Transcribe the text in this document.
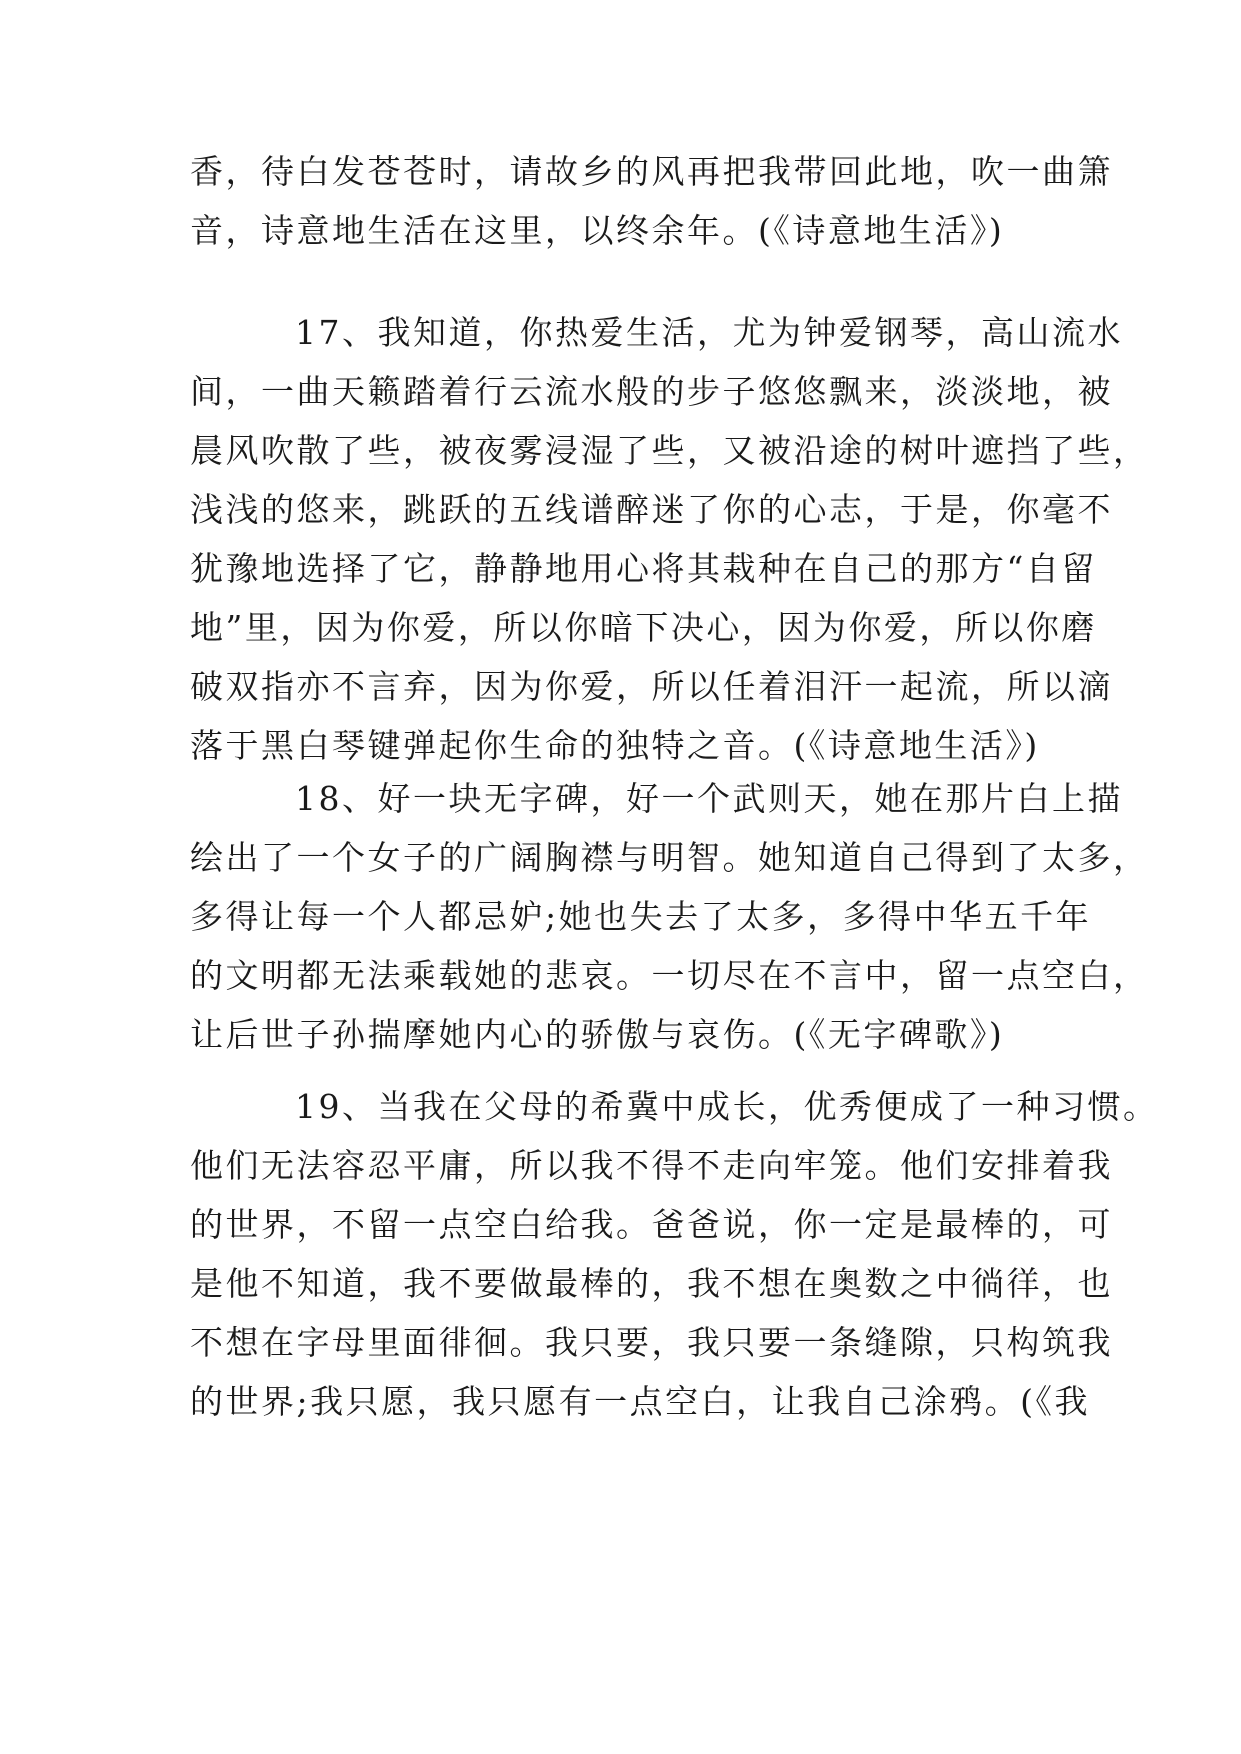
香，待白发苍苍时，请故乡的风再把我带回此地，吹一曲箫
音，诗意地生活在这里，以终余年。(《诗意地生活》)
17、我知道，你热爱生活，尤为钟爱钢琴，高山流水
间，一曲天籁踏着行云流水般的步子悠悠飘来，淡淡地，被
晨风吹散了些，被夜雾浸湿了些，又被沿途的树叶遮挡了些，
浅浅的悠来，跳跃的五线谱醉迷了你的心志，于是，你毫不
犹豫地选择了它，静静地用心将其栽种在自己的那方“自留
地”里，因为你爱，所以你暗下决心，因为你爱，所以你磨
破双指亦不言弃，因为你爱，所以任着泪汗一起流，所以滴
落于黑白琴键弹起你生命的独特之音。(《诗意地生活》)
18、好一块无字碑，好一个武则天，她在那片白上描
绘出了一个女子的广阔胸襟与明智。她知道自己得到了太多，
多得让每一个人都忌妒;她也失去了太多，多得中华五千年
的文明都无法乘载她的悲哀。一切尽在不言中，留一点空白，
让后世子孙揣摩她内心的骄傲与哀伤。(《无字碑歌》)
19、当我在父母的希冀中成长，优秀便成了一种习惯。
他们无法容忍平庸，所以我不得不走向牢笼。他们安排着我
的世界，不留一点空白给我。爸爸说，你一定是最棒的，可
是他不知道，我不要做最棒的，我不想在奥数之中徜徉，也
不想在字母里面徘徊。我只要，我只要一条缝隙，只构筑我
的世界;我只愿，我只愿有一点空白，让我自己涂鸦。(《我
